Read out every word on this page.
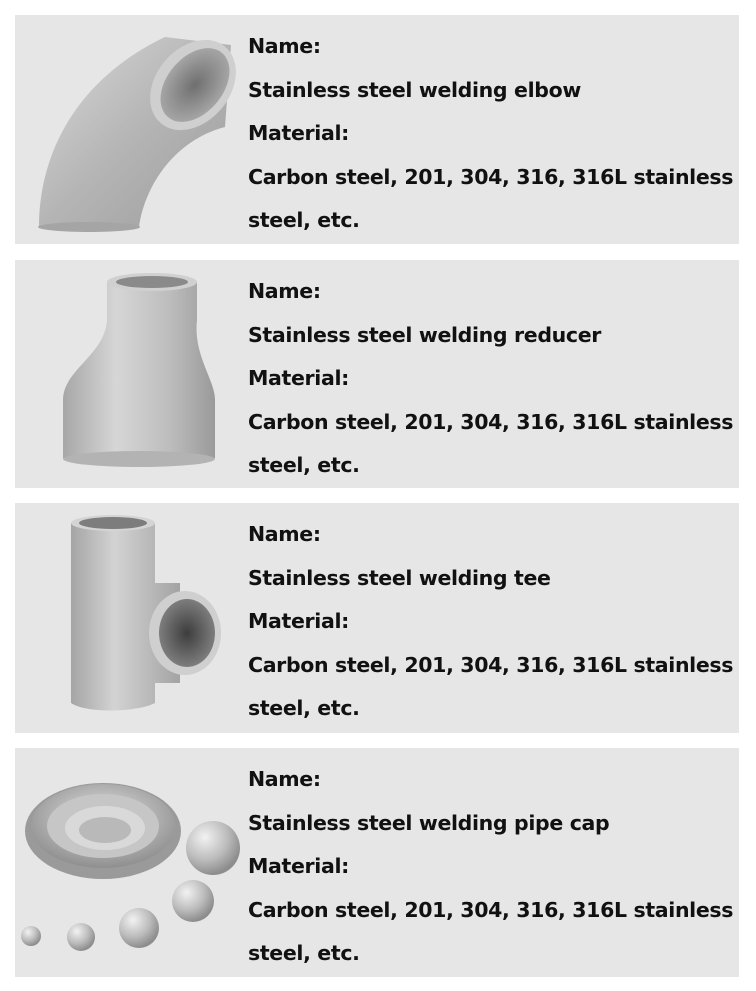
Name:
Stainless steel welding elbow
Material:
Carbon steel, 201, 304, 316, 316L stainless
steel, etc.
Name:
Stainless steel welding reducer
Material:
Carbon steel, 201, 304, 316, 316L stainless
steel, etc.
Name:
Stainless steel welding tee
Material:
Carbon steel, 201, 304, 316, 316L stainless
steel, etc.
Name:
Stainless steel welding pipe cap
Material:
Carbon steel, 201, 304, 316, 316L stainless
steel, etc.
